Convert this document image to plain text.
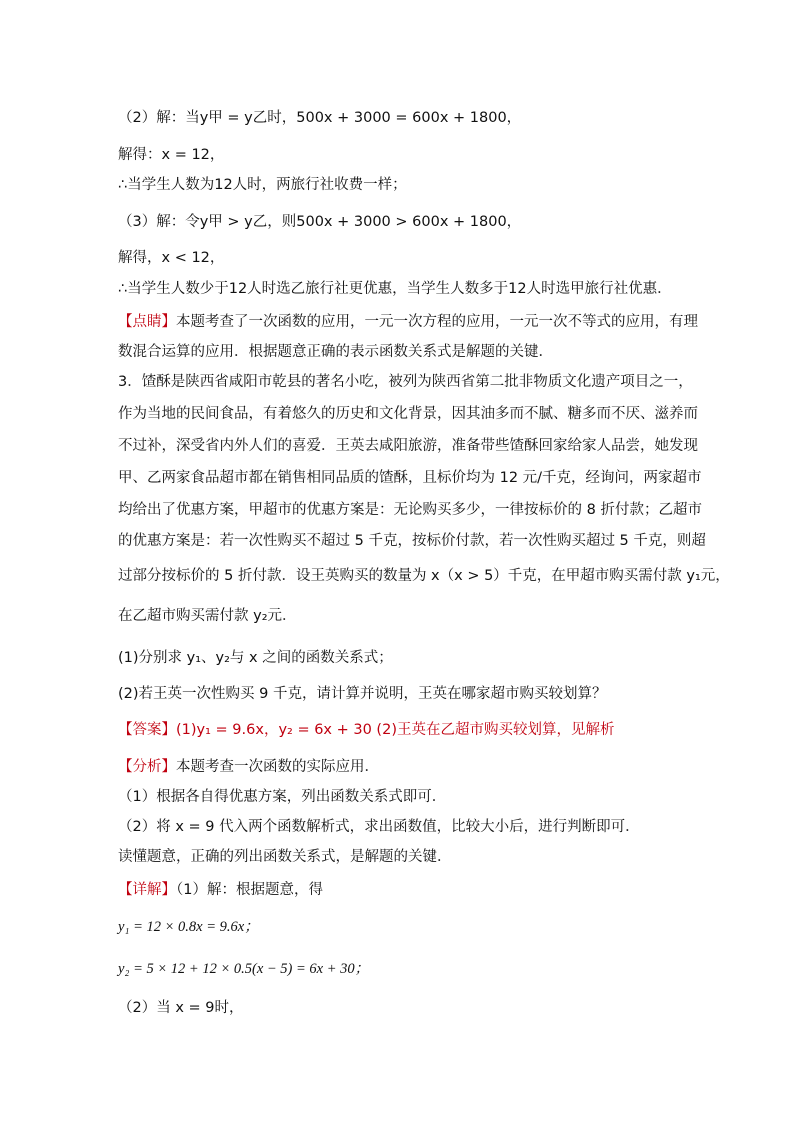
（2）解：当y甲 = y乙时，500x + 3000 = 600x + 1800，
解得：x = 12，
∴当学生人数为12人时，两旅行社收费一样；
（3）解：令y甲 > y乙，则500x + 3000 > 600x + 1800，
解得，x < 12，
∴当学生人数少于12人时选乙旅行社更优惠，当学生人数多于12人时选甲旅行社优惠．
【点睛】本题考查了一次函数的应用，一元一次方程的应用，一元一次不等式的应用，有理
数混合运算的应用．根据题意正确的表示函数关系式是解题的关键．
3．馇酥是陕西省咸阳市乾县的著名小吃，被列为陕西省第二批非物质文化遗产项目之一，
作为当地的民间食品，有着悠久的历史和文化背景，因其油多而不腻、糖多而不厌、滋养而
不过补，深受省内外人们的喜爱．王英去咸阳旅游，准备带些馇酥回家给家人品尝，她发现
甲、乙两家食品超市都在销售相同品质的馇酥，且标价均为 12 元/千克，经询问，两家超市
均给出了优惠方案，甲超市的优惠方案是：无论购买多少，一律按标价的 8 折付款；乙超市
的优惠方案是：若一次性购买不超过 5 千克，按标价付款，若一次性购买超过 5 千克，则超
过部分按标价的 5 折付款．设王英购买的数量为 x（x > 5）千克，在甲超市购买需付款 y₁元，
在乙超市购买需付款 y₂元．
(1)分别求 y₁、y₂与 x 之间的函数关系式；
(2)若王英一次性购买 9 千克，请计算并说明，王英在哪家超市购买较划算？
【答案】(1)y₁ = 9.6x，y₂ = 6x + 30 (2)王英在乙超市购买较划算，见解析
【分析】本题考查一次函数的实际应用．
（1）根据各自得优惠方案，列出函数关系式即可．
（2）将 x = 9 代入两个函数解析式，求出函数值，比较大小后，进行判断即可．
读懂题意，正确的列出函数关系式，是解题的关键．
【详解】（1）解：根据题意，得
y₁ = 12 × 0.8x = 9.6x；
y₂ = 5 × 12 + 12 × 0.5(x − 5) = 6x + 30；
（2）当 x = 9时，
